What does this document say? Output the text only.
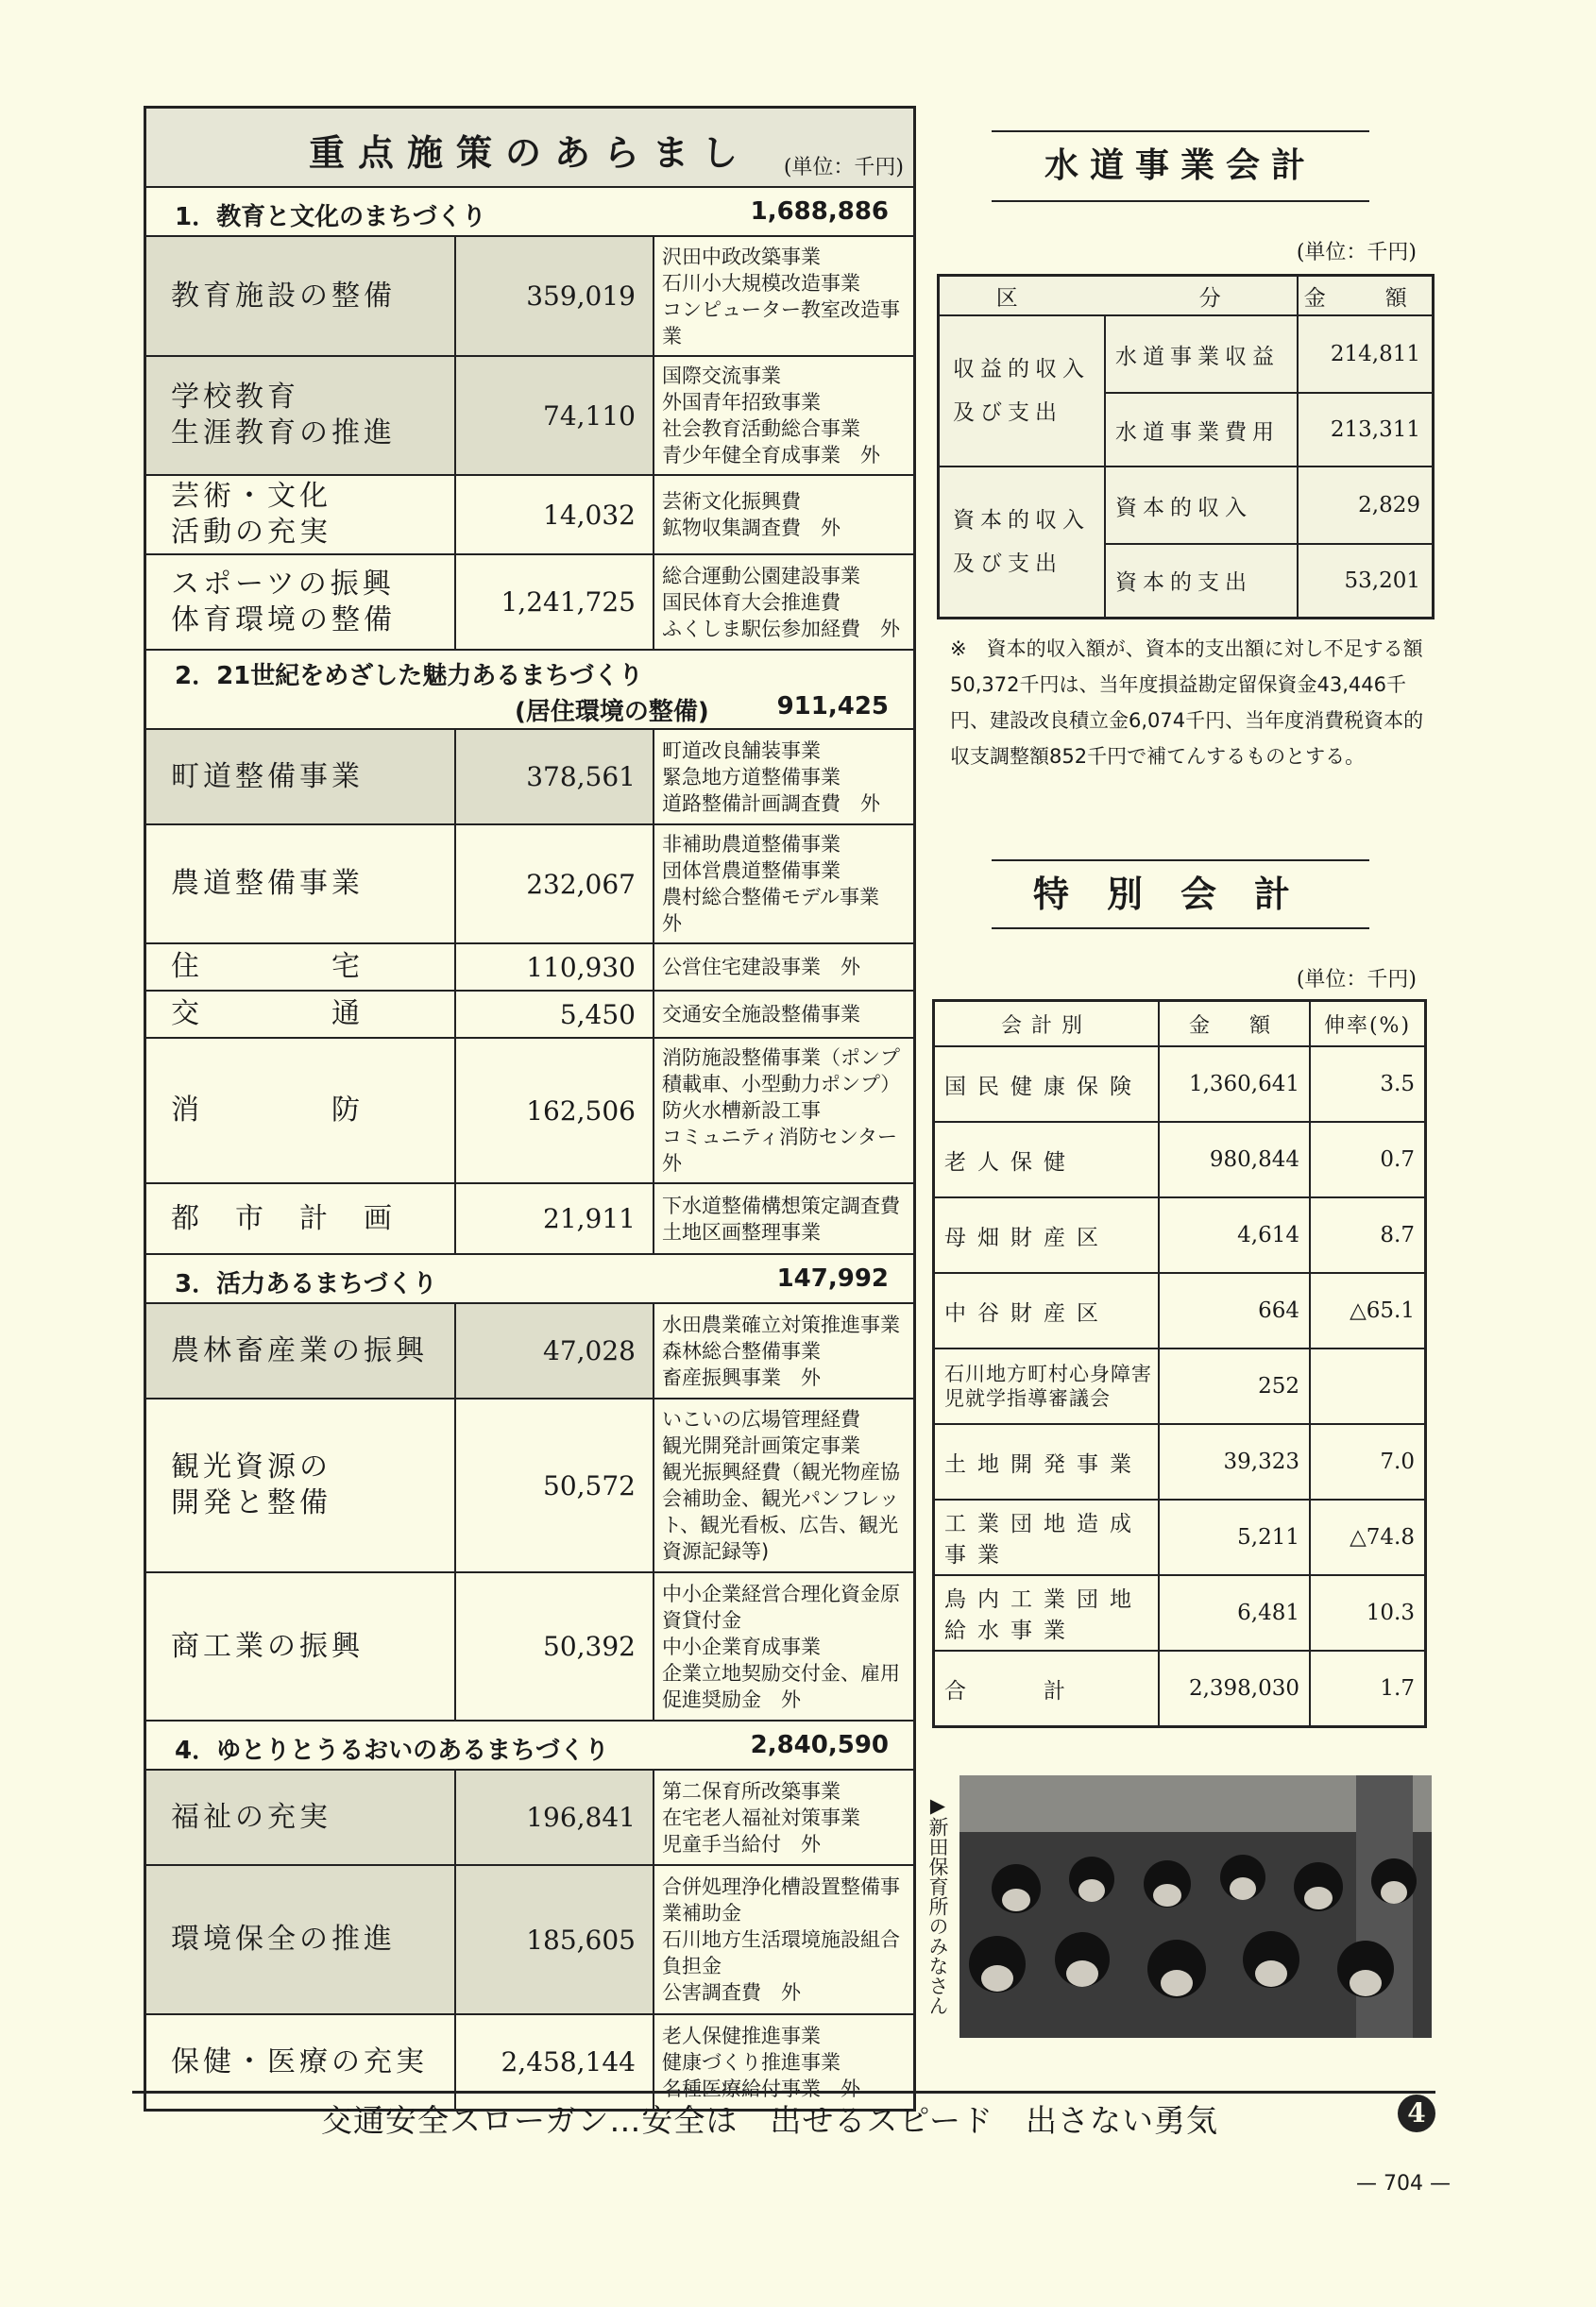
重点施策のあらまし	(単位：千円)
1．教育と文化のまちづくり	1,688,886
教育施設の整備	359,019	沢田中政改築事業
石川小大規模改造事業
コンピューター教室改造事業

学校教育
生涯教育の推進	74,110	国際交流事業
外国青年招致事業
社会教育活動総合事業
青少年健全育成事業　外

芸術・文化
活動の充実	14,032	芸術文化振興費
鉱物収集調査費　外

スポーツの振興
体育環境の整備	1,241,725	総合運動公園建設事業
国民体育大会推進費
ふくしま駅伝参加経費　外
2．21世紀をめざした魅力あるまちづくり
(居住環境の整備)	911,425
町道整備事業	378,561	町道改良舗装事業
緊急地方道整備事業
道路整備計画調査費　外

農道整備事業	232,067	非補助農道整備事業
団体営農道整備事業
農村総合整備モデル事業　外

住　　　　宅	110,930	公営住宅建設事業　外

交　　　　通	5,450	交通安全施設整備事業

消　　　　防	162,506	消防施設整備事業（ポンプ積載車、小型動力ポンプ）
防火水槽新設工事
コミュニティ消防センター　外

都　市　計　画	21,911	下水道整備構想策定調査費
土地区画整理事業
3．活力あるまちづくり	147,992
農林畜産業の振興	47,028	水田農業確立対策推進事業
森林総合整備事業
畜産振興事業　外

観光資源の
開発と整備	50,572	いこいの広場管理経費
観光開発計画策定事業
観光振興経費（観光物産協会補助金、観光パンフレット、観光看板、広告、観光資源記録等)

商工業の振興	50,392	中小企業経営合理化資金原資貸付金
中小企業育成事業
企業立地契励交付金、雇用促進奨励金　外
4．ゆとりとうるおいのあるまちづくり	2,840,590
福祉の充実	196,841	第二保育所改築事業
在宅老人福祉対策事業
児童手当給付　外

環境保全の推進	185,605	合併処理浄化槽設置整備事業補助金
石川地方生活環境施設組合負担金
公害調査費　外

保健・医療の充実	2,458,144	老人保健推進事業
健康づくり推進事業
名種医療給付事業　外
水道事業会計
(単位：千円)
区　　　　 分		金　額
収益的収入
及び支出	水道事業収益	214,811
	水道事業費用	213,311
資本的収入
及び支出	資本的収入	2,829
	資本的支出	53,201
※　資本的収入額が、資本的支出額に対し不足する額50,372千円は、当年度損益勘定留保資金43,446千円、建設改良積立金6,074千円、当年度消費税資本的収支調整額852千円で補てんするものとする。
特別会計
(単位：千円)
会計別	金　額	伸率(%)
国民健康保険	1,360,641	3.5
老人保健	980,844	0.7
母畑財産区	4,614	8.7
中谷財産区	664	△65.1
石川地方町村心身障害児就学指導審議会	252	
土地開発事業	39,323	7.0
工業団地造成事業	5,211	△74.8
鳥内工業団地給水事業	6,481	10.3
合　　計	2,398,030	1.7
▶新田保育所のみなさん
交通安全スローガン…安全は　出せるスピード　出さない勇気	4
— 704 —
